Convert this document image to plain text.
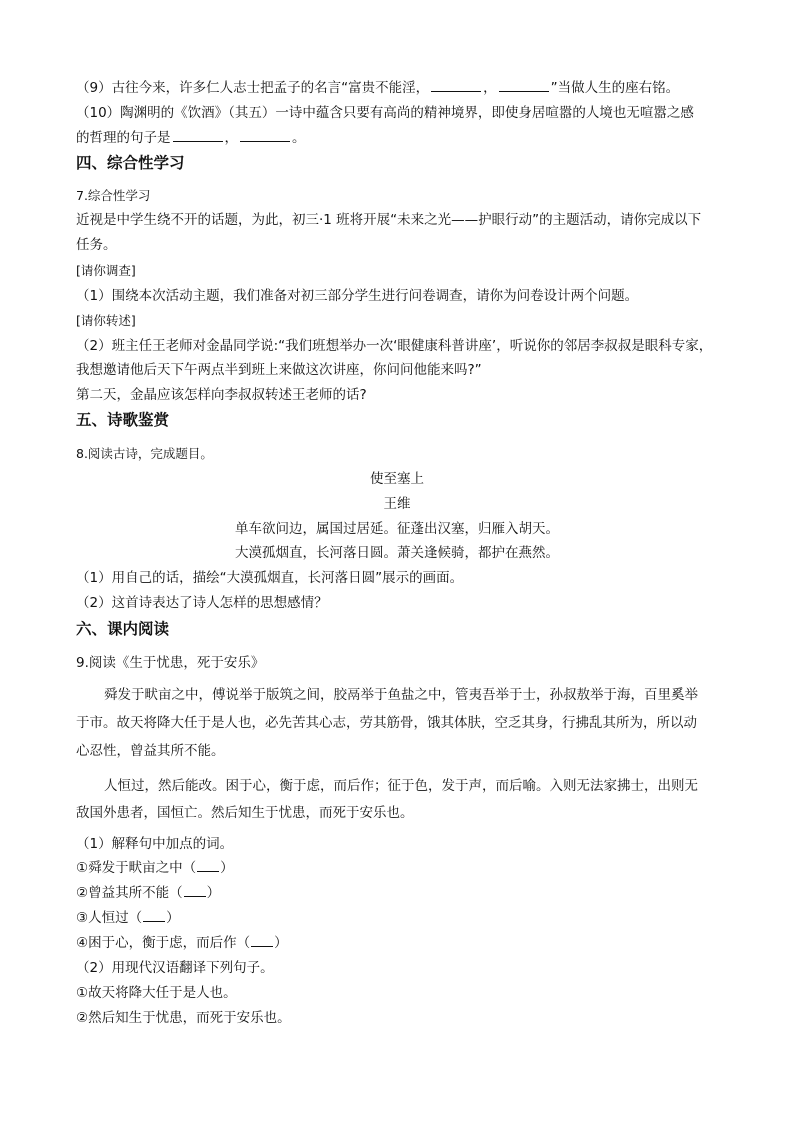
（9）古往今来，许多仁人志士把孟子的名言“富贵不能淫，	，	”当做人生的座右铭。
（10）陶渊明的《饮酒》（其五）一诗中蕴含只要有高尚的精神境界，即使身居喧嚣的人境也无喧嚣之感
的哲理的句子是	，	。
四、综合性学习
7.综合性学习
近视是中学生绕不开的话题，为此，初三·1 班将开展“未来之光——护眼行动”的主题活动，请你完成以下
任务。
[请你调查]
（1）围绕本次活动主题，我们准备对初三部分学生进行问卷调查，请你为问卷设计两个问题。
[请你转述]
（2）班主任王老师对金晶同学说:“我们班想举办一次‘眼健康科普讲座’，听说你的邻居李叔叔是眼科专家，
我想邀请他后天下午两点半到班上来做这次讲座，你问问他能来吗?”
第二天，金晶应该怎样向李叔叔转述王老师的话?
五、诗歌鉴赏
8.阅读古诗，完成题目。
使至塞上
王维
单车欲问边，属国过居延。征蓬出汉塞，归雁入胡天。
大漠孤烟直，长河落日圆。萧关逢候骑，都护在燕然。
（1）用自己的话，描绘“大漠孤烟直，长河落日圆”展示的画面。
（2）这首诗表达了诗人怎样的思想感情？
六、课内阅读
9.阅读《生于忧患，死于安乐》
舜发于畎亩之中，傅说举于版筑之间，胶鬲举于鱼盐之中，管夷吾举于士，孙叔敖举于海，百里奚举
于市。故天将降大任于是人也，必先苦其心志，劳其筋骨，饿其体肤，空乏其身，行拂乱其所为，所以动
心忍性，曾益其所不能。
人恒过，然后能改。困于心，衡于虑，而后作；征于色，发于声，而后喻。入则无法家拂士，出则无
敌国外患者，国恒亡。然后知生于忧患，而死于安乐也。
（1）解释句中加点的词。
①舜发于畎亩之中（ ）
②曾益其所不能（ ）
③人恒过（ ）
④困于心，衡于虑，而后作（ ）
（2）用现代汉语翻译下列句子。
①故天将降大任于是人也。
②然后知生于忧患，而死于安乐也。
